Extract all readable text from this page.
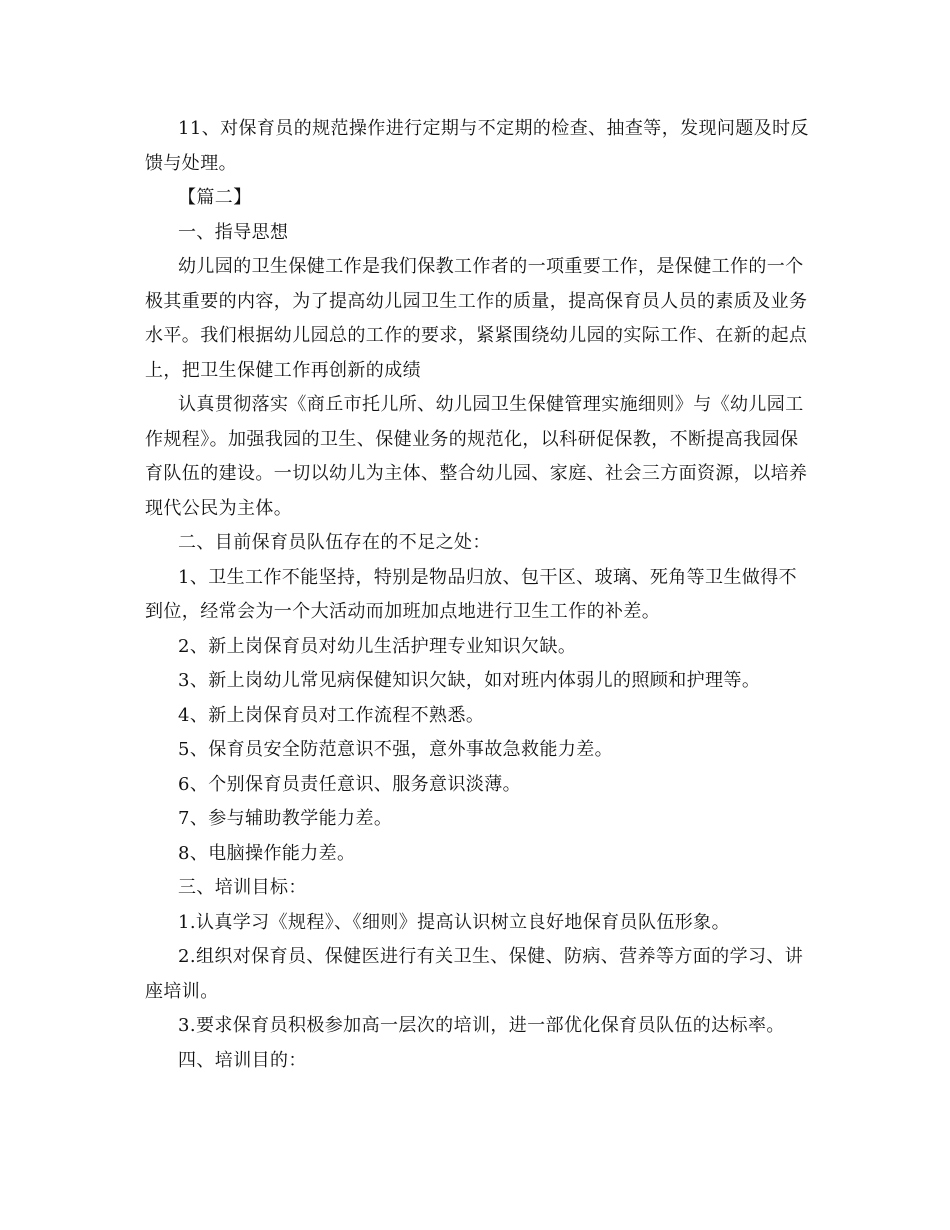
11、对保育员的规范操作进行定期与不定期的检查、抽查等，发现问题及时反馈与处理。

【篇二】

一、指导思想

幼儿园的卫生保健工作是我们保教工作者的一项重要工作，是保健工作的一个极其重要的内容，为了提高幼儿园卫生工作的质量，提高保育员人员的素质及业务水平。我们根据幼儿园总的工作的要求，紧紧围绕幼儿园的实际工作、在新的起点上，把卫生保健工作再创新的成绩

认真贯彻落实《商丘市托儿所、幼儿园卫生保健管理实施细则》与《幼儿园工作规程》。加强我园的卫生、保健业务的规范化，以科研促保教，不断提高我园保育队伍的建设。一切以幼儿为主体、整合幼儿园、家庭、社会三方面资源，以培养现代公民为主体。

二、目前保育员队伍存在的不足之处：

1、卫生工作不能坚持，特别是物品归放、包干区、玻璃、死角等卫生做得不到位，经常会为一个大活动而加班加点地进行卫生工作的补差。

2、新上岗保育员对幼儿生活护理专业知识欠缺。

3、新上岗幼儿常见病保健知识欠缺，如对班内体弱儿的照顾和护理等。

4、新上岗保育员对工作流程不熟悉。

5、保育员安全防范意识不强，意外事故急救能力差。

6、个别保育员责任意识、服务意识淡薄。

7、参与辅助教学能力差。

8、电脑操作能力差。

三、培训目标：

1.认真学习《规程》、《细则》提高认识树立良好地保育员队伍形象。

2.组织对保育员、保健医进行有关卫生、保健、防病、营养等方面的学习、讲座培训。

3.要求保育员积极参加高一层次的培训，进一部优化保育员队伍的达标率。

四、培训目的：
